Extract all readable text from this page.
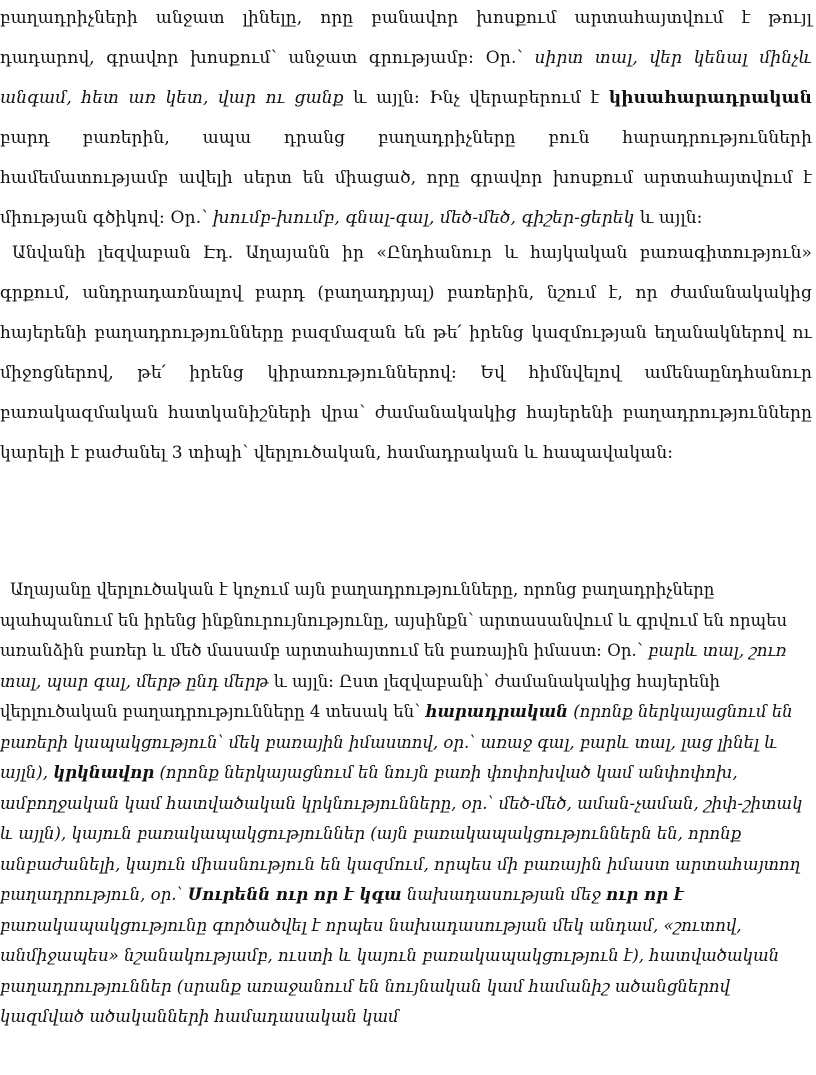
բաղադրիչների անջատ լինելը, որը բանավոր խոսքում արտահայտվում է թույլ դադարով, գրավոր խոսքում՝ անջատ գրությամբ։ Օր.՝ սիրտ տալ, վեր կենալ մինչև անգամ, հետ առ կետ, վար ու ցանք և այլն։ Ինչ վերաբերում է կիսահարադրական բարդ բառերին, ապա դրանց բաղադրիչները բուն հարադրությունների համեմատությամբ ավելի սերտ են միացած, որը գրավոր խոսքում արտահայտվում է միության գծիկով։ Օր.՝ խումբ-խումբ, գնալ-գալ, մեծ-մեծ, գիշեր-ցերեկ և այլն։

Անվանի լեզվաբան Էդ. Աղայանն իր «Ընդհանուր և հայկական բառագիտություն» գրքում, անդրադառնալով բարդ (բաղադրյալ) բառերին, նշում է, որ ժամանակակից հայերենի բաղադրությունները բազմազան են թե՛ իրենց կազմության եղանակներով ու միջոցներով, թե՛ իրենց կիրառություններով։ Եվ հիմնվելով ամենաընդհանուր բառակազմական հատկանիշների վրա՝ ժամանակակից հայերենի բաղադրությունները կարելի է բաժանել 3 տիպի՝ վերլուծական, համադրական և հապավական։

Աղայանը վերլուծական է կոչում այն բաղադրությունները, որոնց բաղադրիչները պահպանում են իրենց ինքնուրույնությունը, այսինքն՝ արտասանվում և գրվում են որպես առանձին բառեր և մեծ մասամբ արտահայտում են բառային իմաստ։ Օր.՝ բարև տալ, շուռ տալ, պար գալ, մերթ ընդ մերթ և այլն։ Ըստ լեզվաբանի՝ ժամանակակից հայերենի վերլուծական բաղադրությունները 4 տեսակ են՝ հարադրական (որոնք ներկայացնում են բառերի կապակցություն՝ մեկ բառային իմաստով, օր.՝ առաջ գալ, բարև տալ, լաց լինել և այլն), կրկնավոր (որոնք ներկայացնում են նույն բառի փոփոխված կամ անփոփոխ, ամբողջական կամ հատվածական կրկնությունները, օր.՝ մեծ-մեծ, աման-չաման, շիփ-շիտակ և այլն), կայուն բառակապակցություններ (այն բառակապակցություններն են, որոնք անբաժանելի, կայուն միասնություն են կազմում, որպես մի բառային իմաստ արտահայտող բաղադրություն, օր.՝ Սուրենն ուր որ է կգա նախադասության մեջ ուր որ է բառակապակցությունը գործածվել է որպես նախադասության մեկ անդամ, «շուտով, անմիջապես» նշանակությամբ, ուստի և կայուն բառակապակցություն է), հատվածական բաղադրություններ (սրանք առաջանում են նույնական կամ համանիշ ածանցներով կազմված ածականների համադասական կամ
